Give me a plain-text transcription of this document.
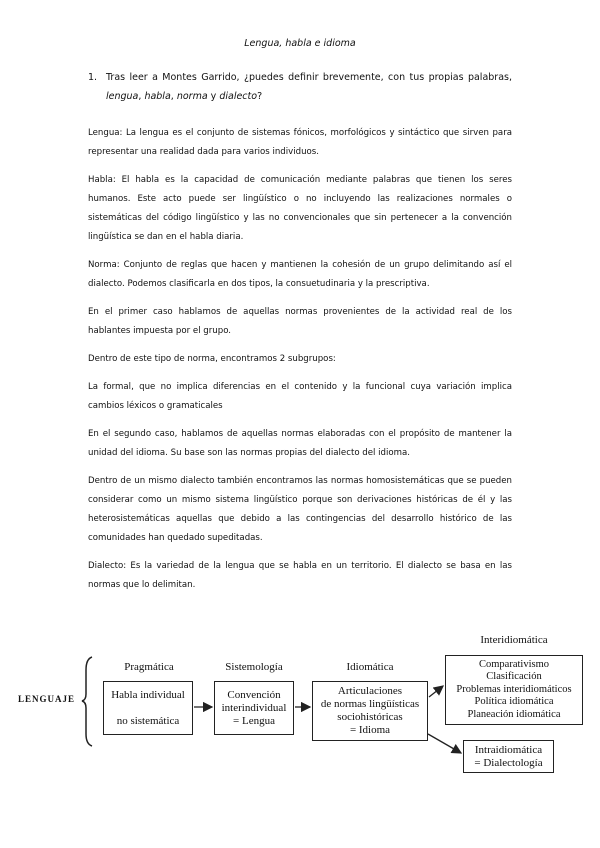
Lengua, habla e idioma
1. Tras leer a Montes Garrido, ¿puedes definir brevemente, con tus propias palabras, lengua, habla, norma y dialecto?

Lengua: La lengua es el conjunto de sistemas fónicos, morfológicos y sintáctico que sirven para representar una realidad dada para varios individuos.

Habla: El habla es la capacidad de comunicación mediante palabras que tienen los seres humanos. Este acto puede ser lingüístico o no incluyendo las realizaciones normales o sistemáticas del código lingüístico y las no convencionales que sin pertenecer a la convención lingüística se dan en el habla diaria.

Norma: Conjunto de reglas que hacen y mantienen la cohesión de un grupo delimitando así el dialecto. Podemos clasificarla en dos tipos, la consuetudinaria y la prescriptiva.

En el primer caso hablamos de aquellas normas provenientes de la actividad real de los hablantes impuesta por el grupo.

Dentro de este tipo de norma, encontramos 2 subgrupos:

La formal, que no implica diferencias en el contenido y la funcional cuya variación implica cambios léxicos o gramaticales

En el segundo caso, hablamos de aquellas normas elaboradas con el propósito de mantener la unidad del idioma. Su base son las normas propias del dialecto del idioma.

Dentro de un mismo dialecto también encontramos las normas homosistemáticas que se pueden considerar como un mismo sistema lingüístico porque son derivaciones históricas de él y las heterosistemáticas aquellas que debido a las contingencias del desarrollo histórico de las comunidades han quedado supeditadas.

Dialecto: Es la variedad de la lengua que se habla en un territorio. El dialecto se basa en las normas que lo delimitan.

LENGUAJE
Pragmática
Habla individual
no sistemática
Sistemología
Convención
interindividual
= Lengua
Idiomática
Articulaciones
de normas lingüísticas
sociohistóricas
= Idioma
Interidiomática
Comparativismo
Clasificación
Problemas interidiomáticos
Política idiomática
Planeación idiomática
Intraidiomática
= Dialectología
